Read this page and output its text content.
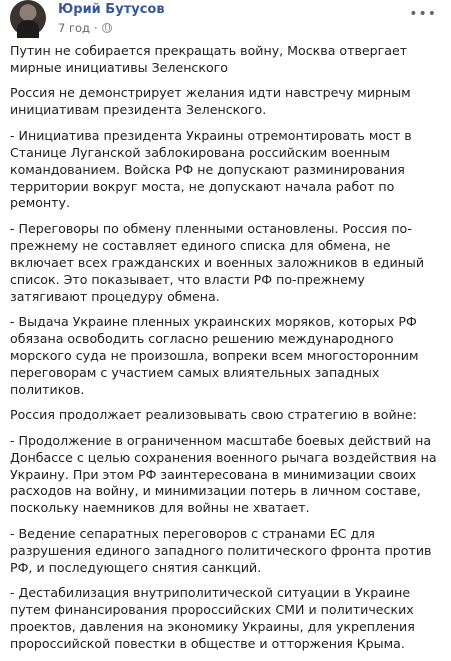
Юрий Бутусов
7 год ·
•••

Путин не собирается прекращать войну, Москва отвергает мирные инициативы Зеленского

Россия не демонстрирует желания идти навстречу мирным инициативам президента Зеленского.

- Инициатива президента Украины отремонтировать мост в Станице Луганской заблокирована российским военным командованием. Войска РФ не допускают разминирования территории вокруг моста, не допускают начала работ по ремонту.

- Переговоры по обмену пленными остановлены. Россия по-прежнему не составляет единого списка для обмена, не включает всех гражданских и военных заложников в единый список. Это показывает, что власти РФ по-прежнему затягивают процедуру обмена.

- Выдача Украине пленных украинских моряков, которых РФ обязана освободить согласно решению международного морского суда не произошла, вопреки всем многосторонним переговорам с участием самых влиятельных западных политиков.

Россия продолжает реализовывать свою стратегию в войне:

- Продолжение в ограниченном масштабе боевых действий на Донбассе с целью сохранения военного рычага воздействия на Украину. При этом РФ заинтересована в минимизации своих расходов на войну, и минимизации потерь в личном составе, поскольку наемников для войны не хватает.

- Ведение сепаратных переговоров с странами ЕС для разрушения единого западного политического фронта против РФ, и последующего снятия санкций.

- Дестабилизация внутриполитической ситуации в Украине путем финансирования пророссийских СМИ и политических проектов, давления на экономику Украины, для укрепления пророссийской повестки в обществе и отторжения Крыма.
